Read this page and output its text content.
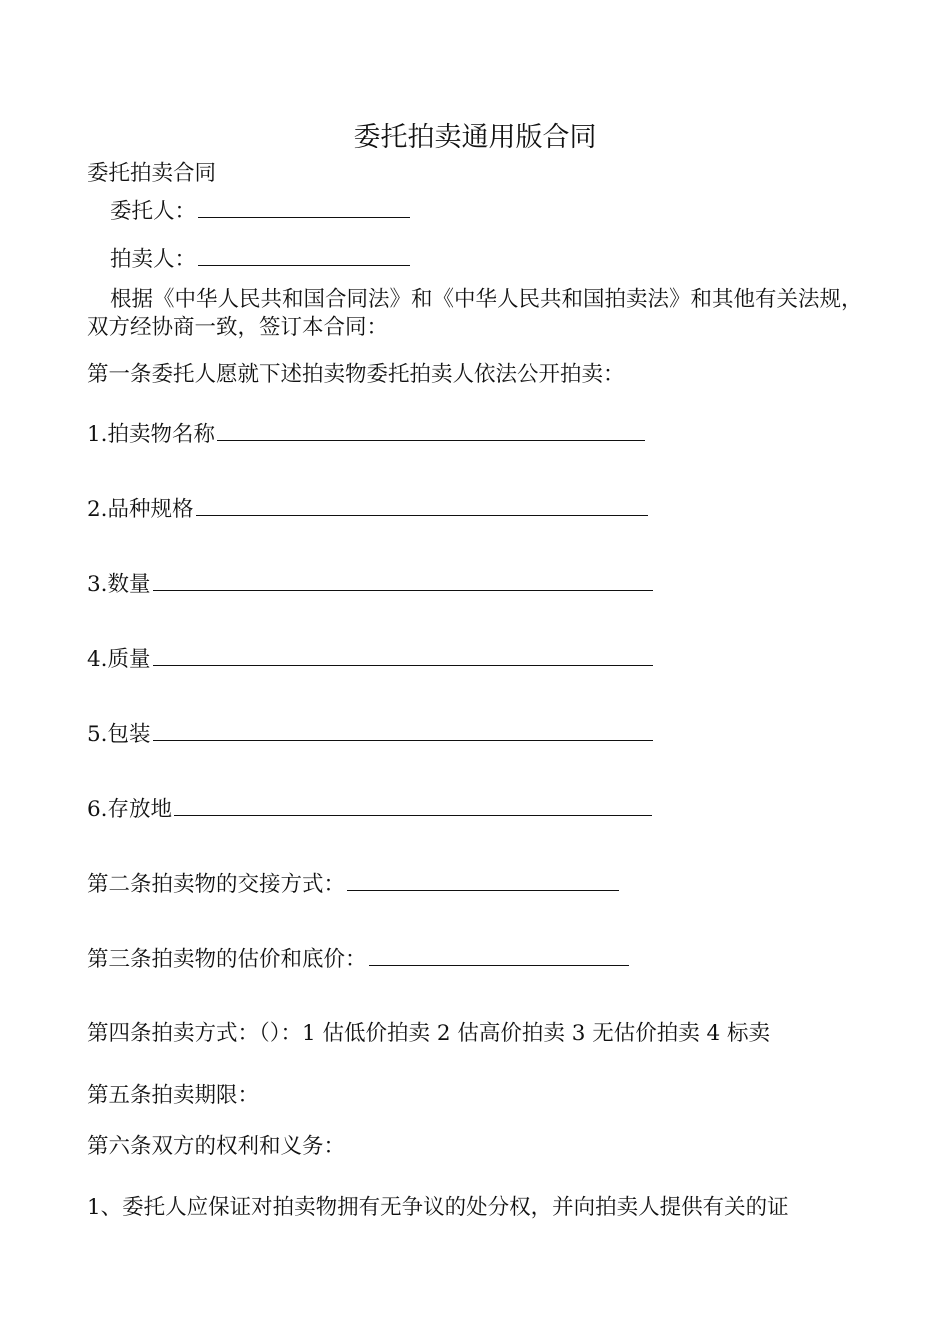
委托拍卖通用版合同
委托拍卖合同
委托人：
拍卖人：
根据《中华人民共和国合同法》和《中华人民共和国拍卖法》和其他有关法规，双方经协商一致，签订本合同：
第一条委托人愿就下述拍卖物委托拍卖人依法公开拍卖：
1.拍卖物名称
2.品种规格
3.数量
4.质量
5.包装
6.存放地
第二条拍卖物的交接方式：
第三条拍卖物的估价和底价：
第四条拍卖方式：（）：1 估低价拍卖 2 估高价拍卖 3 无估价拍卖 4 标卖
第五条拍卖期限：
第六条双方的权利和义务：
1、委托人应保证对拍卖物拥有无争议的处分权，并向拍卖人提供有关的证
